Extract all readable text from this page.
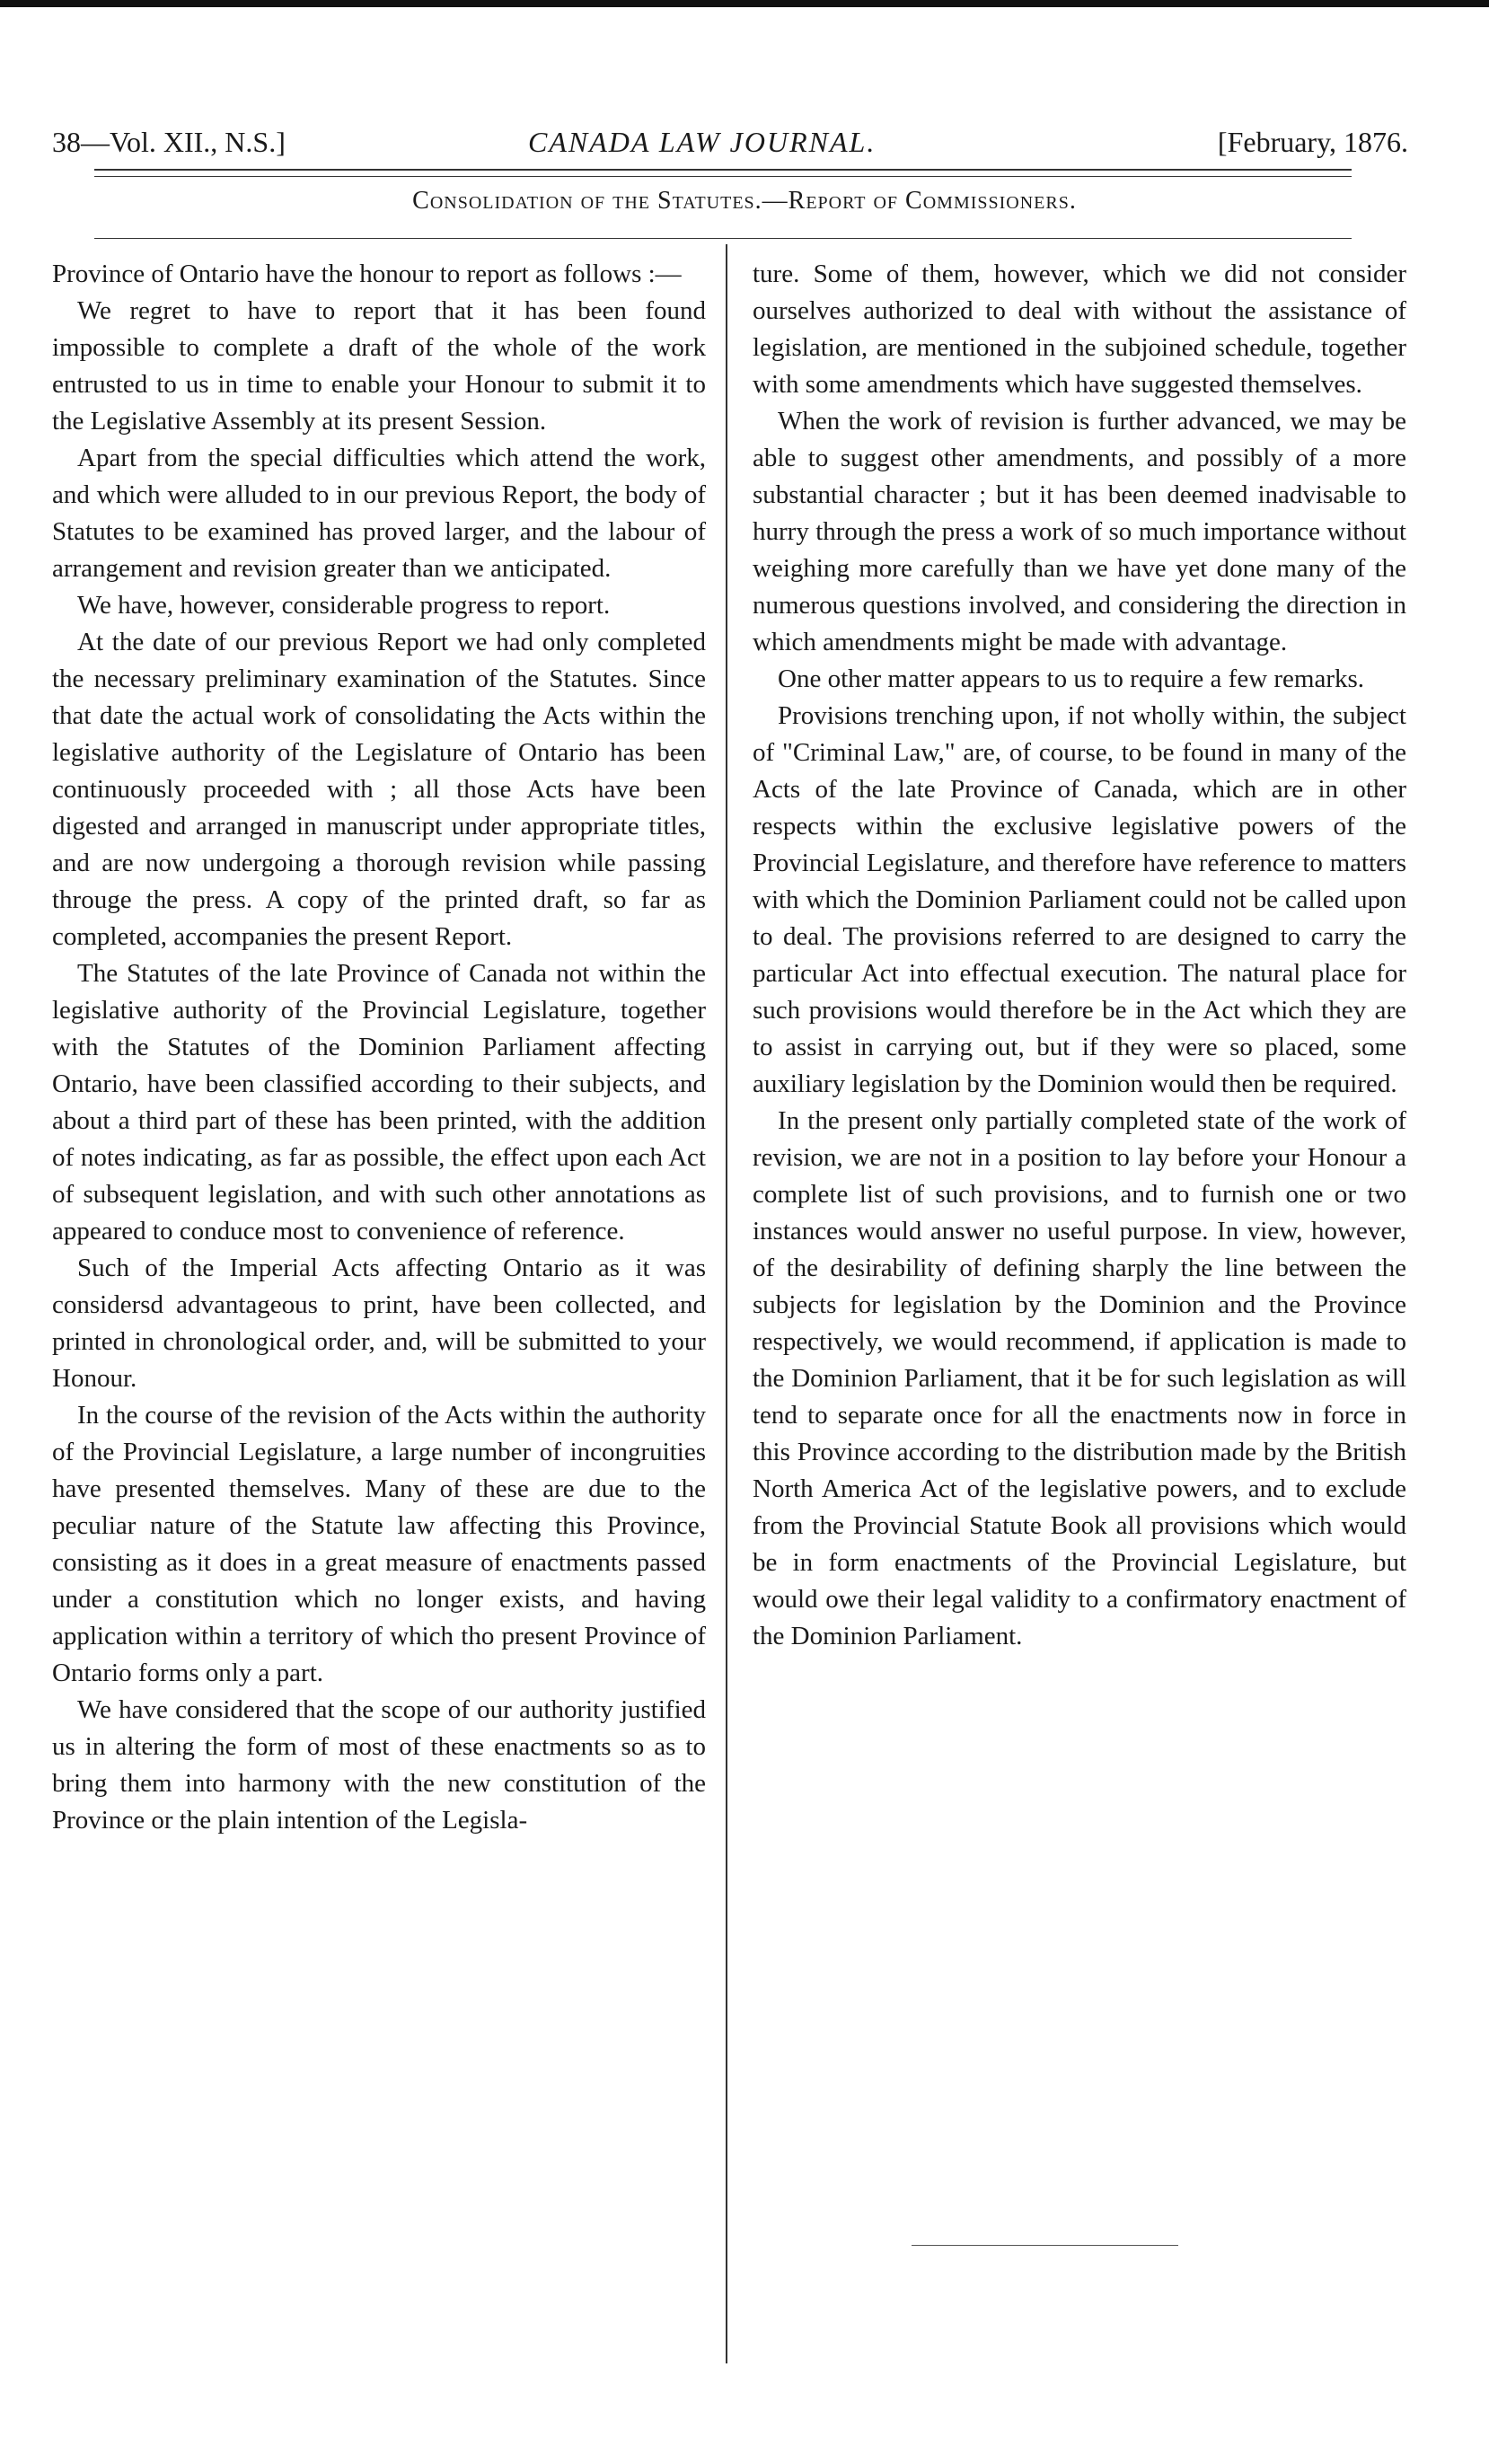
38—Vol. XII., N.S.]	CANADA LAW JOURNAL.	[February, 1876.
Consolidation of the Statutes.—Report of Commissioners.

Province of Ontario have the honour to report as follows :—

We regret to have to report that it has been found impossible to complete a draft of the whole of the work entrusted to us in time to enable your Honour to submit it to the Legislative Assembly at its present Session.

Apart from the special difficulties which attend the work, and which were alluded to in our previous Report, the body of Statutes to be examined has proved larger, and the labour of arrangement and revision greater than we anticipated.

We have, however, considerable progress to report.

At the date of our previous Report we had only completed the necessary preliminary examination of the Statutes. Since that date the actual work of consolidating the Acts within the legislative authority of the Legislature of Ontario has been continuously proceeded with ; all those Acts have been digested and arranged in manuscript under appropriate titles, and are now undergoing a thorough revision while passing througe the press. A copy of the printed draft, so far as completed, accompanies the present Report.

The Statutes of the late Province of Canada not within the legislative authority of the Provincial Legislature, together with the Statutes of the Dominion Parliament affecting Ontario, have been classified according to their subjects, and about a third part of these has been printed, with the addition of notes indicating, as far as possible, the effect upon each Act of subsequent legislation, and with such other annotations as appeared to conduce most to convenience of reference.

Such of the Imperial Acts affecting Ontario as it was considersd advantageous to print, have been collected, and printed in chronological order, and, will be submitted to your Honour.

In the course of the revision of the Acts within the authority of the Provincial Legislature, a large number of incongruities have presented themselves. Many of these are due to the peculiar nature of the Statute law affecting this Province, consisting as it does in a great measure of enactments passed under a constitution which no longer exists, and having application within a territory of which tho present Province of Ontario forms only a part.

We have considered that the scope of our authority justified us in altering the form of most of these enactments so as to bring them into harmony with the new constitution of the Province or the plain intention of the Legisla-

ture. Some of them, however, which we did not consider ourselves authorized to deal with without the assistance of legislation, are mentioned in the subjoined schedule, together with some amendments which have suggested themselves.

When the work of revision is further advanced, we may be able to suggest other amendments, and possibly of a more substantial character ; but it has been deemed inadvisable to hurry through the press a work of so much importance without weighing more carefully than we have yet done many of the numerous questions involved, and considering the direction in which amendments might be made with advantage.

One other matter appears to us to require a few remarks.

Provisions trenching upon, if not wholly within, the subject of "Criminal Law," are, of course, to be found in many of the Acts of the late Province of Canada, which are in other respects within the exclusive legislative powers of the Provincial Legislature, and therefore have reference to matters with which the Dominion Parliament could not be called upon to deal. The provisions referred to are designed to carry the particular Act into effectual execution. The natural place for such provisions would therefore be in the Act which they are to assist in carrying out, but if they were so placed, some auxiliary legislation by the Dominion would then be required.

In the present only partially completed state of the work of revision, we are not in a position to lay before your Honour a complete list of such provisions, and to furnish one or two instances would answer no useful purpose. In view, however, of the desirability of defining sharply the line between the subjects for legislation by the Dominion and the Province respectively, we would recommend, if application is made to the Dominion Parliament, that it be for such legislation as will tend to separate once for all the enactments now in force in this Province according to the distribution made by the British North America Act of the legislative powers, and to exclude from the Provincial Statute Book all provisions which would be in form enactments of the Provincial Legislature, but would owe their legal validity to a confirmatory enactment of the Dominion Parliament.
